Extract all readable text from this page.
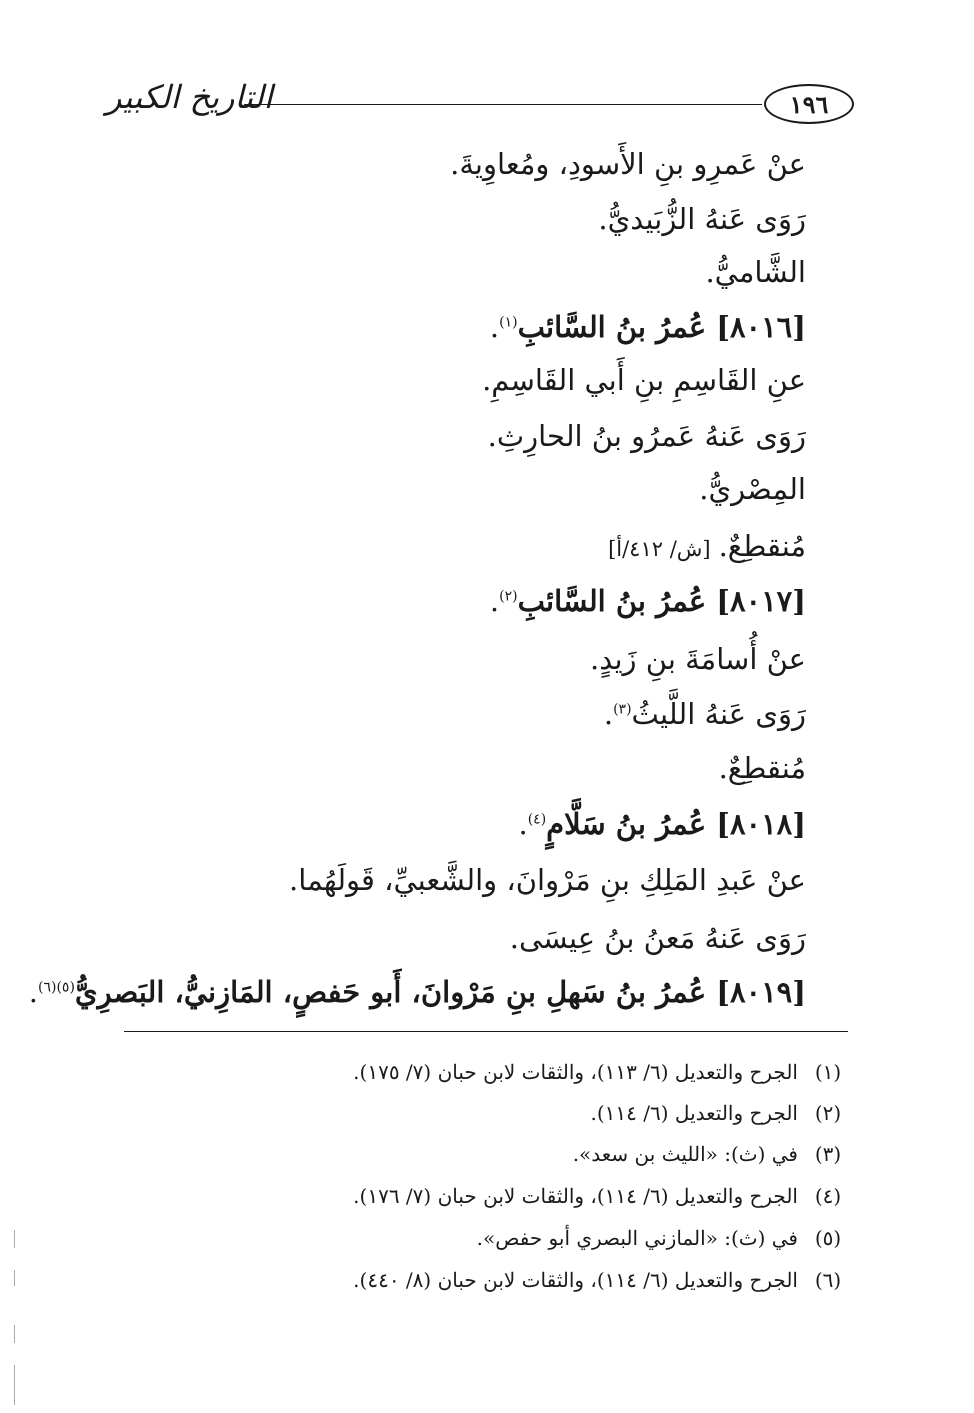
١٩٦
التاريخ الكبير
عنْ عَمرِو بنِ الأَسودِ، ومُعاوِيةَ.
رَوَى عَنهُ الزُّبَيديُّ.
الشَّاميُّ.
[٨٠١٦] عُمرُ بنُ السَّائبِ$^{(١)}$.
عنِ القَاسِمِ بنِ أَبي القَاسِمِ.
رَوَى عَنهُ عَمرُو بنُ الحارِثِ.
المِصْريُّ.
مُنقطِعٌ.[ش/ ٤١٢/أ]
[٨٠١٧] عُمرُ بنُ السَّائبِ$^{(٢)}$.
عنْ أُسامَةَ بنِ زَيدٍ.
رَوَى عَنهُ اللَّيثُ$^{(٣)}$.
مُنقطِعٌ.
[٨٠١٨] عُمرُ بنُ سَلَّامٍ$^{(٤)}$.
عنْ عَبدِ المَلِكِ بنِ مَرْوانَ، والشَّعبيِّ، قَولَهُما.
رَوَى عَنهُ مَعنُ بنُ عِيسَى.
[٨٠١٩] عُمرُ بنُ سَهلِ بنِ مَرْوانَ، أَبو حَفصٍ، المَازِنيُّ، البَصرِيُّ$^{(٥)(٦)}$.
(١)الجرح والتعديل (٦/ ١١٣)، والثقات لابن حبان (٧/ ١٧٥).
(٢)الجرح والتعديل (٦/ ١١٤).
(٣)في (ث): «الليث بن سعد».
(٤)الجرح والتعديل (٦/ ١١٤)، والثقات لابن حبان (٧/ ١٧٦).
(٥)في (ث): «المازني البصري أبو حفص».
(٦)الجرح والتعديل (٦/ ١١٤)، والثقات لابن حبان (٨/ ٤٤٠).
